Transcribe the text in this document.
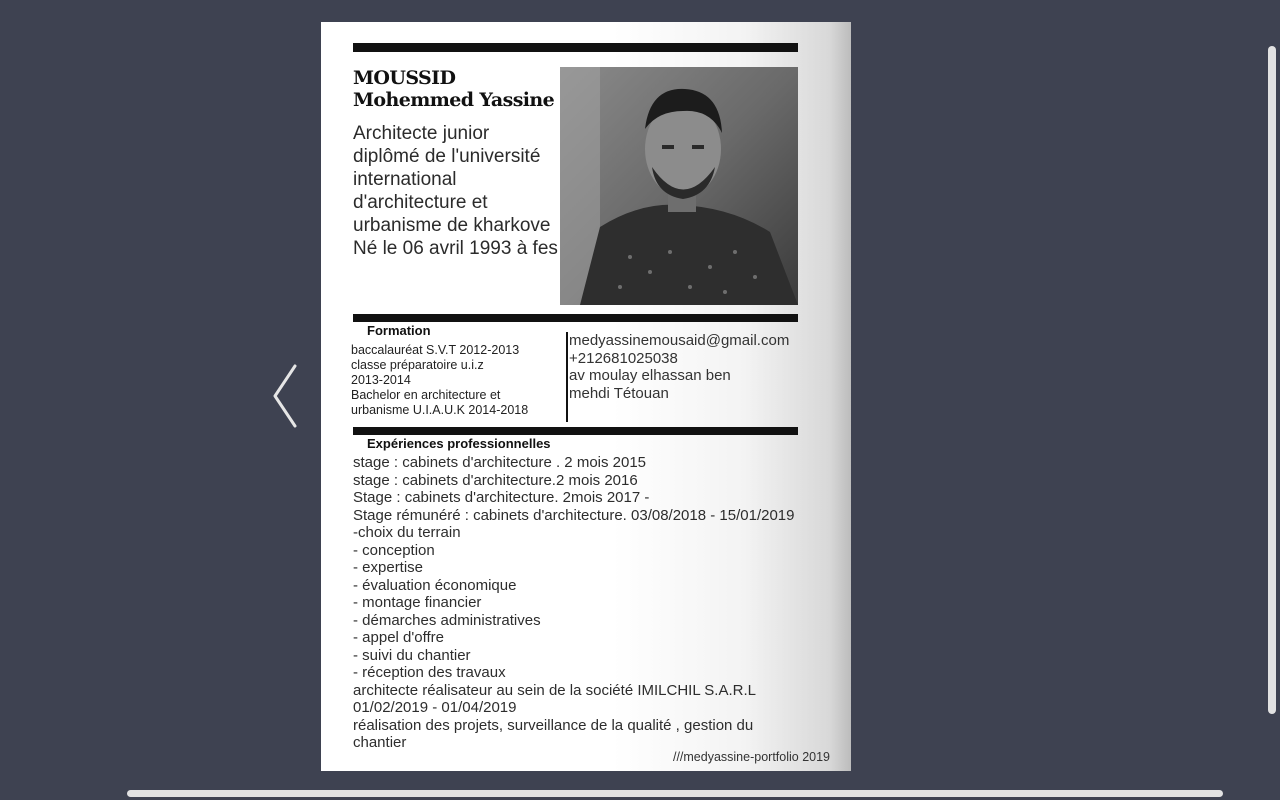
MOUSSID
Mohemmed Yassine
Architecte junior diplômé de l'université international d'architecture et urbanisme de kharkove Né le 06 avril 1993 à fes
Formation
baccalauréat S.V.T 2012-2013
classe préparatoire u.i.z
2013-2014
Bachelor en architecture et
urbanisme U.I.A.U.K 2014-2018
medyassinemousaid@gmail.com
+212681025038
av moulay elhassan ben
mehdi Tétouan
Expériences professionnelles
stage : cabinets d'architecture . 2 mois 2015
stage : cabinets d'architecture.2 mois 2016
Stage : cabinets d'architecture. 2mois 2017 -
Stage rémunéré : cabinets d'architecture. 03/08/2018 - 15/01/2019
-choix du terrain
- conception
- expertise
- évaluation économique
- montage financier
- démarches administratives
- appel d'offre
- suivi du chantier
- réception des travaux
architecte réalisateur au sein de la société IMILCHIL S.A.R.L
01/02/2019 - 01/04/2019
réalisation des projets, surveillance de la qualité , gestion du
chantier
///medyassine-portfolio 2019
